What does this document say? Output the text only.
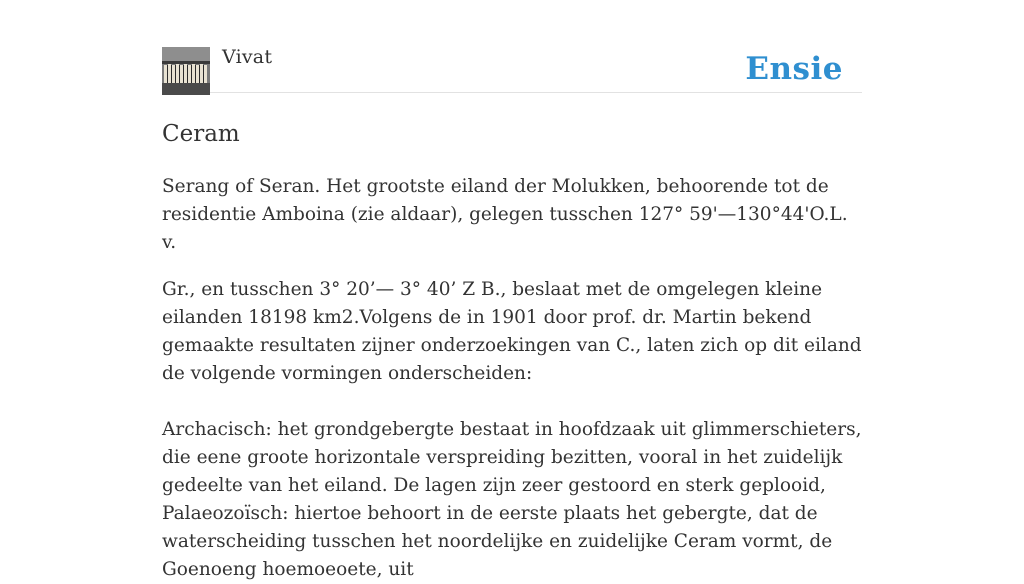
Vivat	Ensie
Ceram

Serang of Seran. Het grootste eiland der Molukken, behoorende tot de residentie Amboina (zie aldaar), gelegen tusschen 127° 59'—130°44'O.L. v.

Gr., en tusschen 3° 20’— 3° 40’ Z B., beslaat met de omgelegen kleine eilanden 18198 km2.Volgens de in 1901 door prof. dr. Martin bekend gemaakte resultaten zijner onderzoekingen van C., laten zich op dit eiland de volgende vormingen onderscheiden:

Archacisch: het grondgebergte bestaat in hoofdzaak uit glimmerschieters, die eene groote horizontale verspreiding bezitten, vooral in het zuidelijk gedeelte van het eiland. De lagen zijn zeer gestoord en sterk geplooid, Palaeozoïsch: hiertoe behoort in de eerste plaats het gebergte, dat de waterscheiding tusschen het noordelijke en zuidelijke Ceram vormt, de Goenoeng hoemoeoete, uit
